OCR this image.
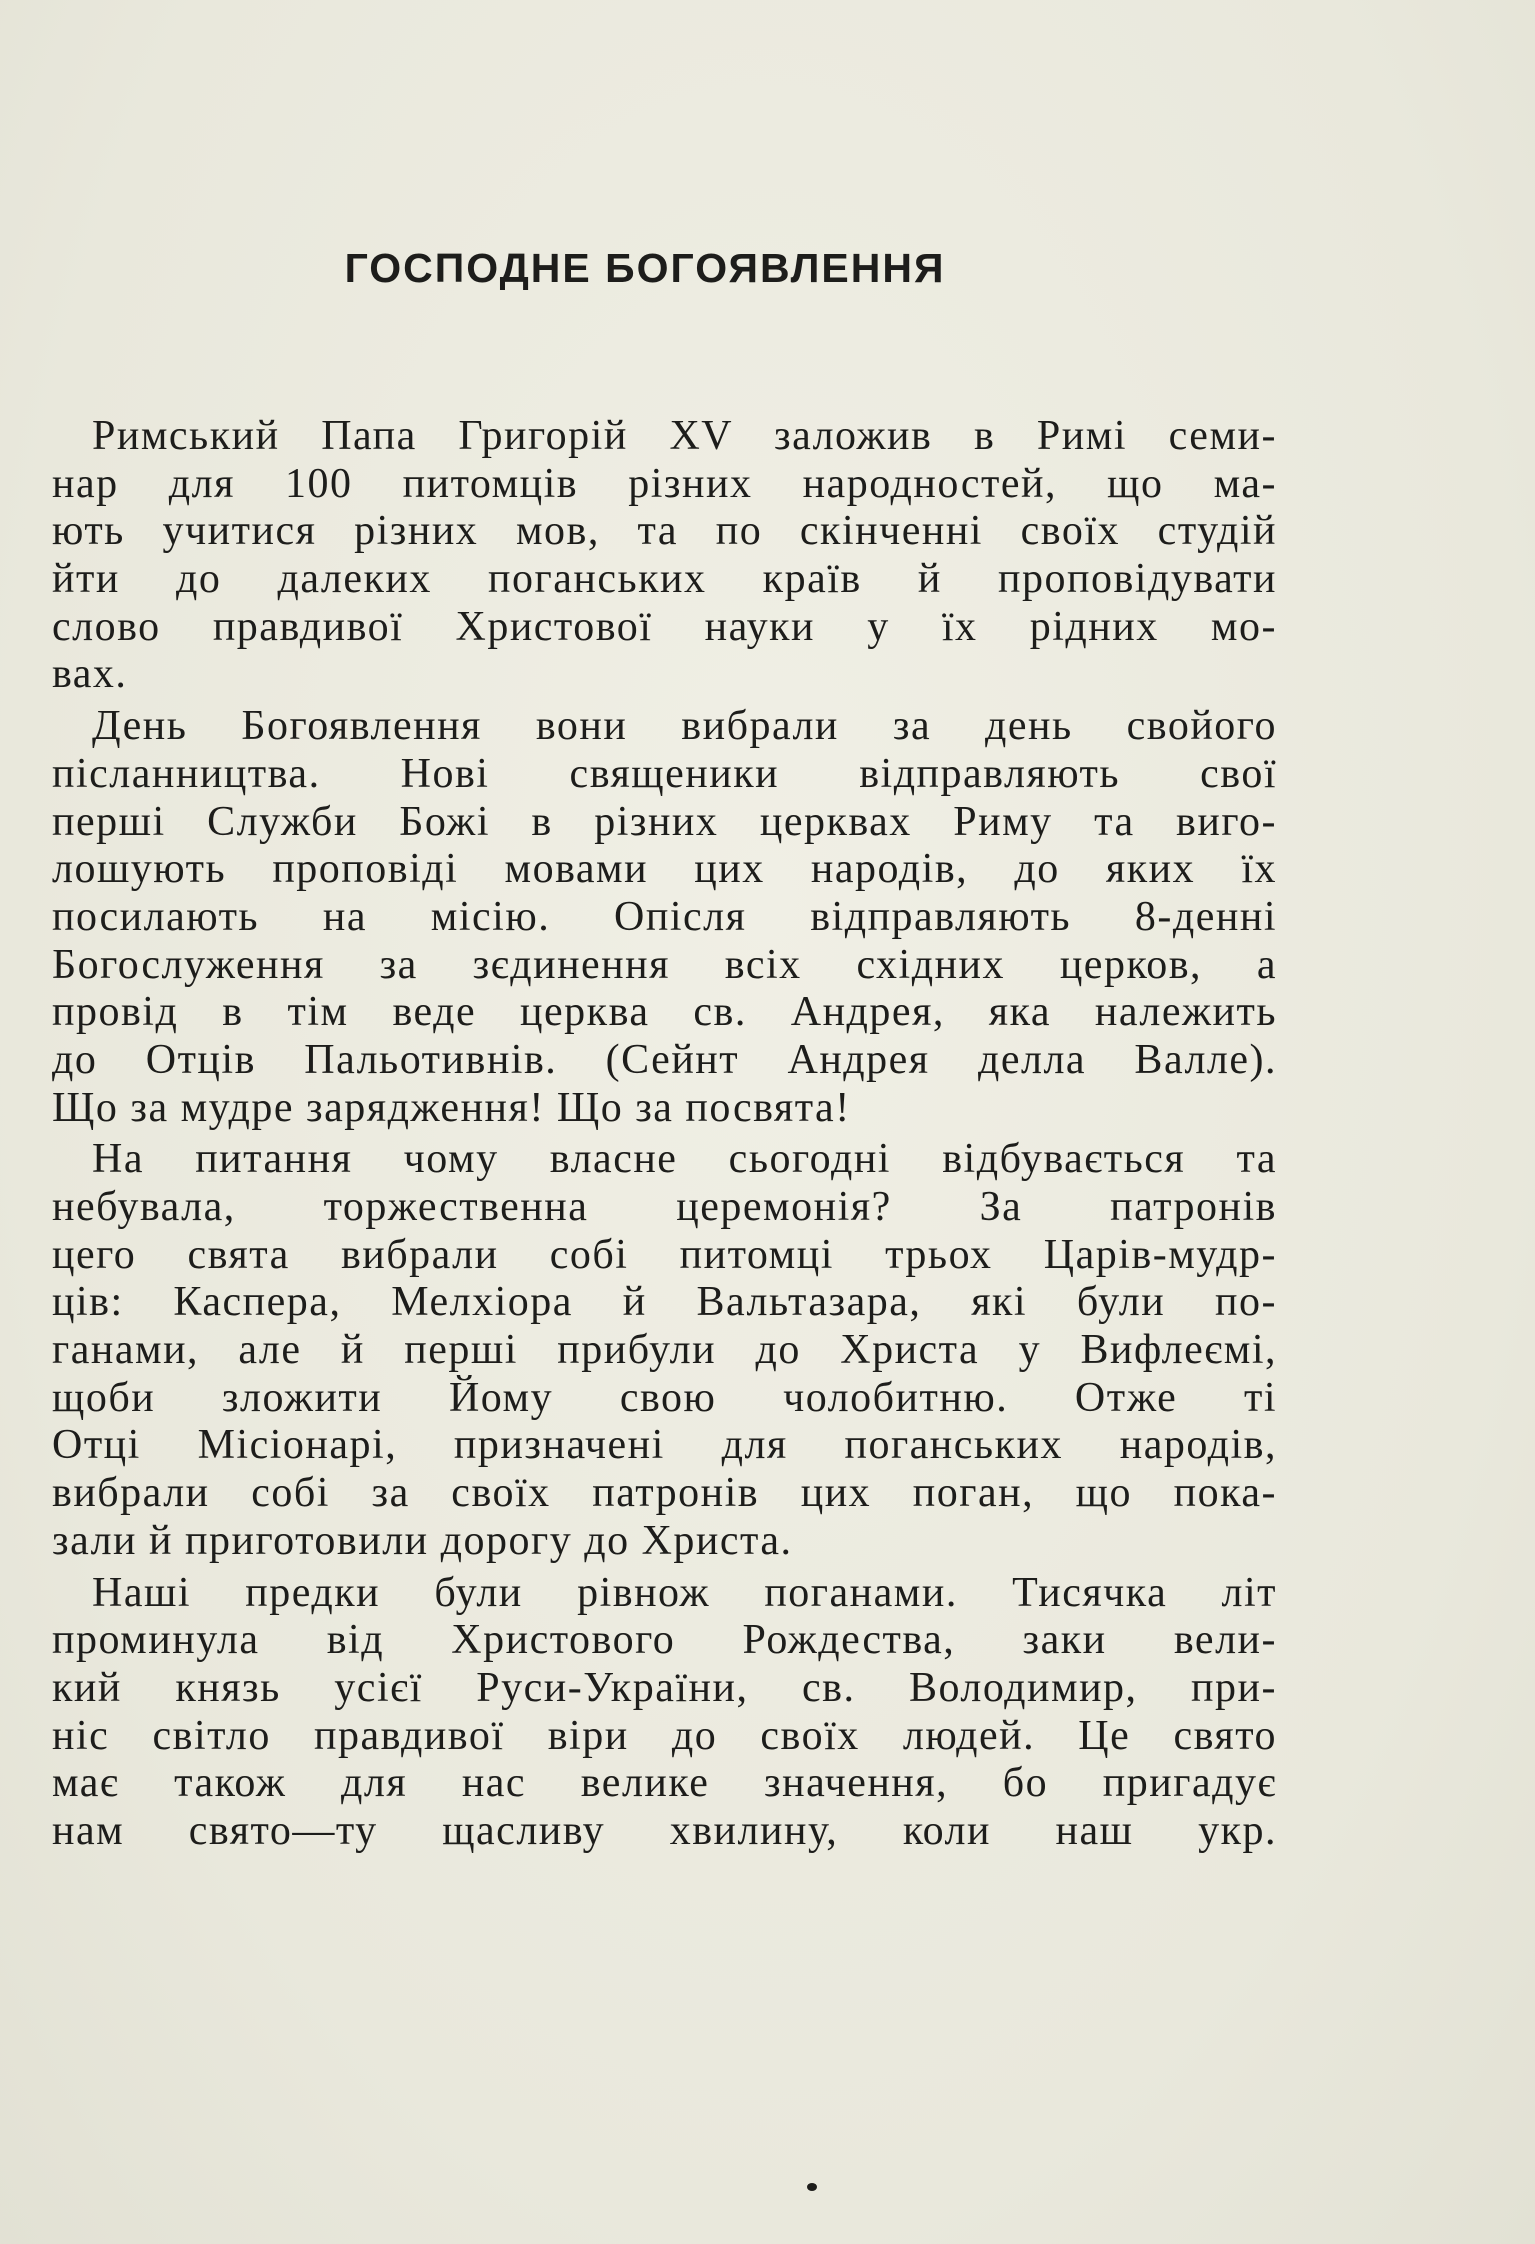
ГОСПОДНЕ БОГОЯВЛЕННЯ
Римський Папа Григорій XV заложив в Римі семи-
нар для 100 питомців різних народностей, що ма-
ють учитися різних мов, та по скінченні своїх студій
йти до далеких поганських країв й проповідувати
слово правдивої Христової науки у їх рідних мо-
вах.
День Богоявлення вони вибрали за день свойого
післанництва. Нові священики відправляють свої
перші Служби Божі в різних церквах Риму та виго-
лошують проповіді мовами цих народів, до яких їх
посилають на місію. Опісля відправляють 8-денні
Богослуження за зєдинення всіх східних церков, а
провід в тім веде церква св. Андрея, яка належить
до Отців Пальотивнів. (Сейнт Андрея делла Валле).
Що за мудре зарядження! Що за посвята!
На питання чому власне сьогодні відбувається та
небувала, торжественна церемонія? За патронів
цего свята вибрали собі питомці трьох Царів-мудр-
ців: Каспера, Мелхіора й Вальтазара, які були по-
ганами, але й перші прибули до Христа у Вифлеємі,
щоби зложити Йому свою чолобитню. Отже ті
Отці Місіонарі, призначені для поганських народів,
вибрали собі за своїх патронів цих поган, що пока-
зали й приготовили дорогу до Христа.
Наші предки були рівнож поганами. Тисячка літ
проминула від Христового Рождества, заки вели-
кий князь усієї Руси-України, св. Володимир, при-
ніс світло правдивої віри до своїх людей. Це свято
має також для нас велике значення, бо пригадує
нам свято—ту щасливу хвилину, коли наш укр.
